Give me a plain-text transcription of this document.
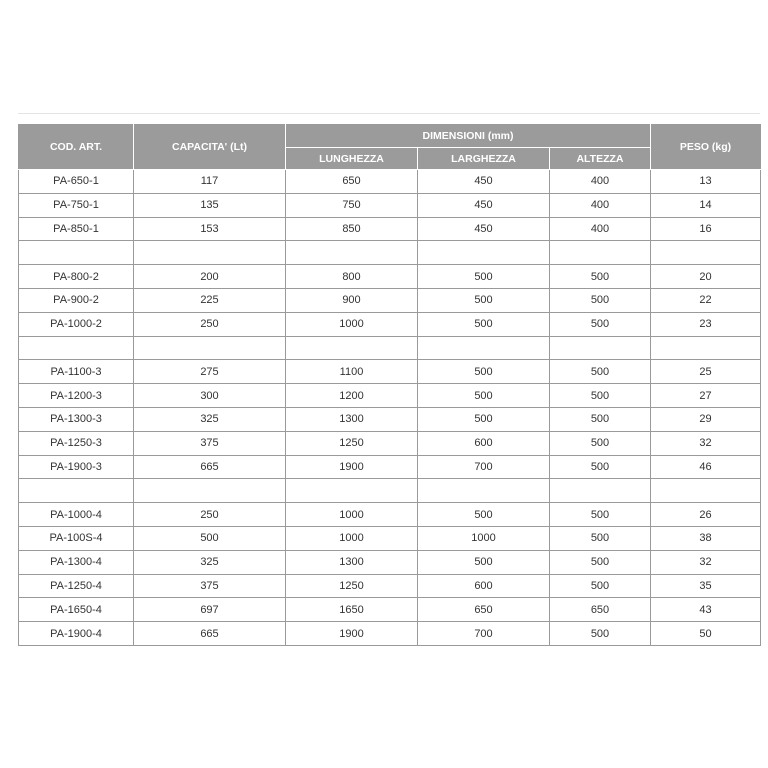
COD. ART.	CAPACITA' (Lt)	DIMENSIONI (mm)			PESO (kg)
		LUNGHEZZA	LARGHEZZA	ALTEZZA	
PA-650-1	117	650	450	400	13
PA-750-1	135	750	450	400	14
PA-850-1	153	850	450	400	16

PA-800-2	200	800	500	500	20
PA-900-2	225	900	500	500	22
PA-1000-2	250	1000	500	500	23

PA-1100-3	275	1100	500	500	25
PA-1200-3	300	1200	500	500	27
PA-1300-3	325	1300	500	500	29
PA-1250-3	375	1250	600	500	32
PA-1900-3	665	1900	700	500	46

PA-1000-4	250	1000	500	500	26
PA-100S-4	500	1000	1000	500	38
PA-1300-4	325	1300	500	500	32
PA-1250-4	375	1250	600	500	35
PA-1650-4	697	1650	650	650	43
PA-1900-4	665	1900	700	500	50
